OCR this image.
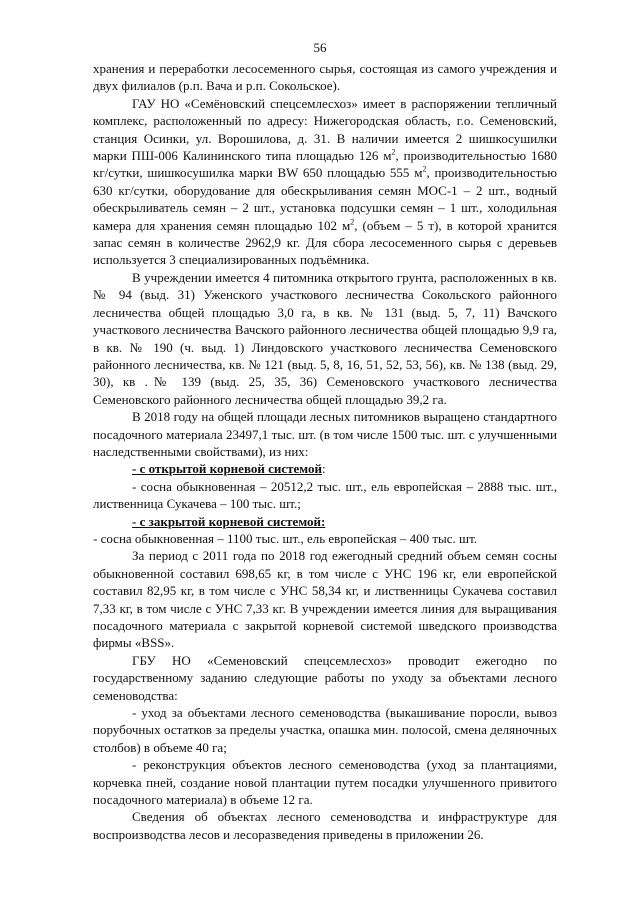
56

хранения и переработки лесосеменного сырья, состоящая из самого учреждения и двух филиалов (р.п. Вача и р.п. Сокольское).

ГАУ НО «Семёновский спецсемлесхоз» имеет в распоряжении тепличный комплекс, расположенный по адресу: Нижегородская область, г.о. Семеновский, станция Осинки, ул. Ворошилова, д. 31. В наличии имеется 2 шишкосушилки марки ПШ-006 Калининского типа площадью 126 $м^2$, производительностью 1680 кг/сутки, шишкосушилка марки BW 650 площадью 555 $м^2$, производительностью 630 кг/сутки, оборудование для обескрыливания семян МОС-1 – 2 шт., водный обескрыливатель семян – 2 шт., установка подсушки семян – 1 шт., холодильная камера для хранения семян площадью 102 $м^2$, (объем – 5 т), в которой хранится запас семян в количестве 2962,9 кг. Для сбора лесосеменного сырья с деревьев используется 3 специализированных подъёмника.

В учреждении имеется 4 питомника открытого грунта, расположенных в кв. № 94 (выд. 31) Уженского участкового лесничества Сокольского районного лесничества общей площадью 3,0 га, в кв. № 131 (выд. 5, 7, 11) Вачского участкового лесничества Вачского районного лесничества общей площадью 9,9 га, в кв. № 190 (ч. выд. 1) Линдовского участкового лесничества Семеновского районного лесничества, кв. № 121 (выд. 5, 8, 16, 51, 52, 53, 56), кв. № 138 (выд. 29, 30), кв .№ 139 (выд. 25, 35, 36) Семеновского участкового лесничества Семеновского районного лесничества общей площадью 39,2 га.

В 2018 году на общей площади лесных питомников выращено стандартного посадочного материала 23497,1 тыс. шт. (в том числе 1500 тыс. шт. с улучшенными наследственными свойствами), из них:

- с открытой корневой системой:

- сосна обыкновенная – 20512,2 тыс. шт., ель европейская – 2888 тыс. шт., лиственница Сукачева – 100 тыс. шт.;

- с закрытой корневой системой:

- сосна обыкновенная – 1100 тыс. шт., ель европейская – 400 тыс. шт.

За период с 2011 года по 2018 год ежегодный средний объем семян сосны обыкновенной составил 698,65 кг, в том числе с УНС 196 кг, ели европейской составил 82,95 кг, в том числе с УНС 58,34 кг, и лиственницы Сукачева составил 7,33 кг, в том числе с УНС 7,33 кг. В учреждении имеется линия для выращивания посадочного материала с закрытой корневой системой шведского производства фирмы «BSS».

ГБУ НО «Семеновский спецсемлесхоз» проводит ежегодно по государственному заданию следующие работы по уходу за объектами лесного семеноводства:

- уход за объектами лесного семеноводства (выкашивание поросли, вывоз порубочных остатков за пределы участка, опашка мин. полосой, смена деляночных столбов) в объеме 40 га;

- реконструкция объектов лесного семеноводства (уход за плантациями, корчевка пней, создание новой плантации путем посадки улучшенного привитого посадочного материала) в объеме 12 га.

Сведения об объектах лесного семеноводства и инфраструктуре для воспроизводства лесов и лесоразведения приведены в приложении 26.
